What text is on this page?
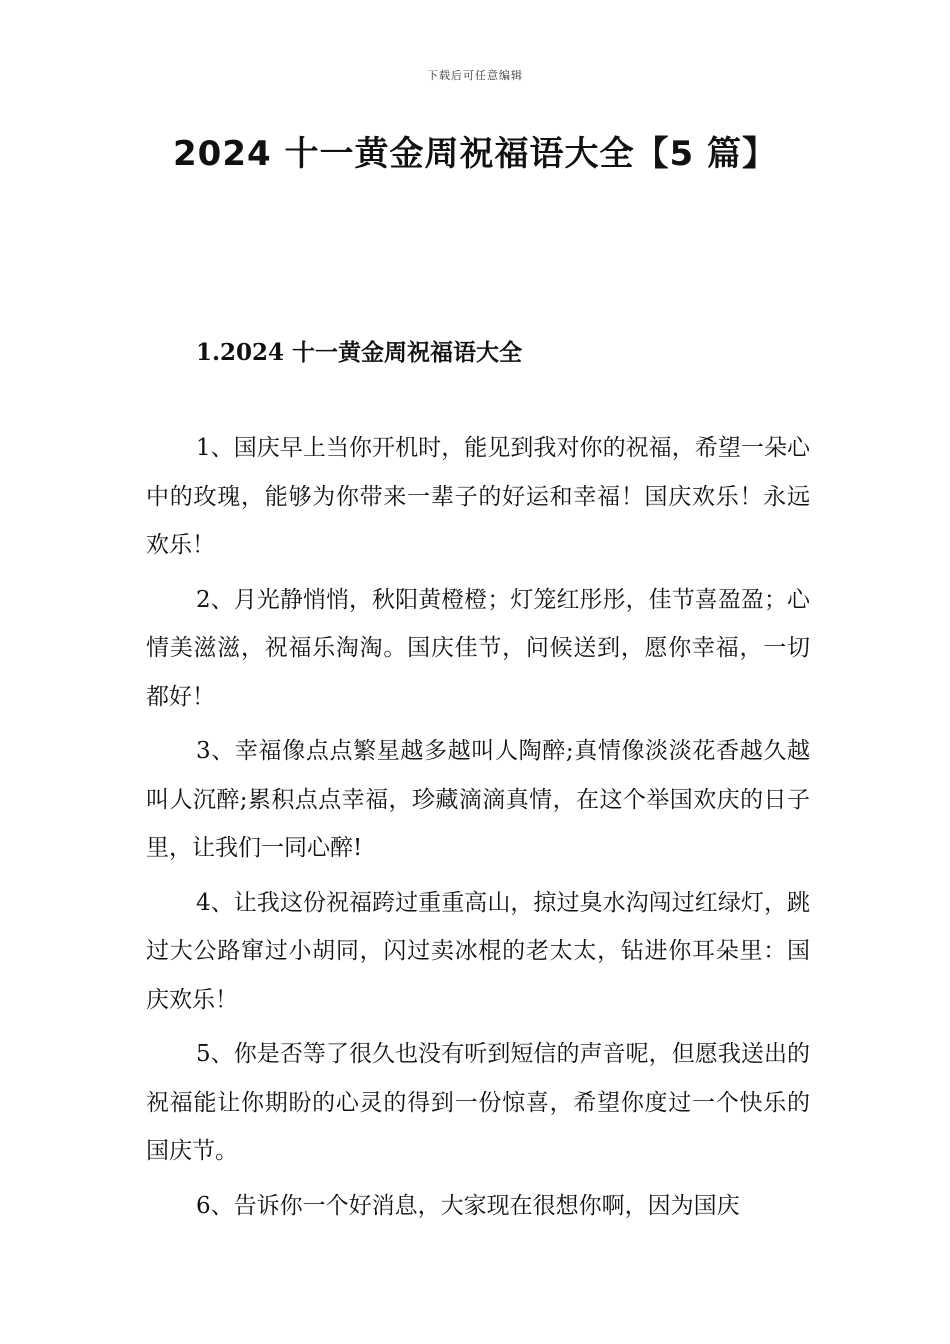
下载后可任意编辑
2024 十一黄金周祝福语大全【5 篇】
1.2024 十一黄金周祝福语大全

1、国庆早上当你开机时，能见到我对你的祝福，希望一朵心中的玫瑰，能够为你带来一辈子的好运和幸福！国庆欢乐！永远欢乐！

2、月光静悄悄，秋阳黄橙橙；灯笼红彤彤，佳节喜盈盈；心情美滋滋，祝福乐淘淘。国庆佳节，问候送到，愿你幸福，一切都好！

3、幸福像点点繁星越多越叫人陶醉;真情像淡淡花香越久越叫人沉醉;累积点点幸福，珍藏滴滴真情，在这个举国欢庆的日子里，让我们一同心醉!

4、让我这份祝福跨过重重高山，掠过臭水沟闯过红绿灯，跳过大公路窜过小胡同，闪过卖冰棍的老太太，钻进你耳朵里：国庆欢乐！

5、你是否等了很久也没有听到短信的声音呢，但愿我送出的祝福能让你期盼的心灵的得到一份惊喜，希望你度过一个快乐的国庆节。

6、告诉你一个好消息，大家现在很想你啊，因为国庆
